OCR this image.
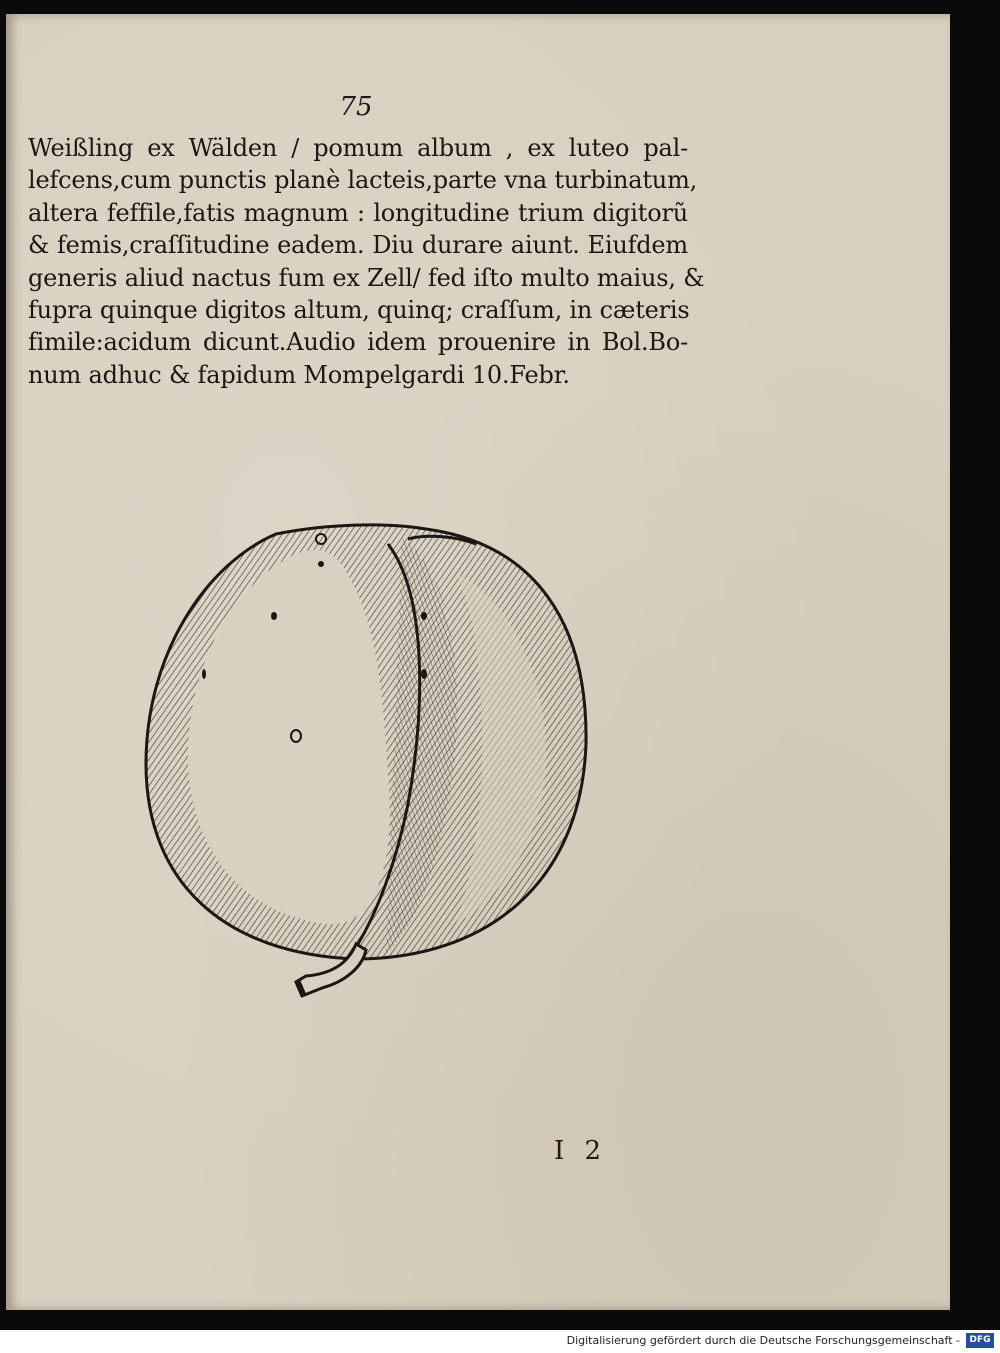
75
Weißling ex Wälden / pomum album , ex luteo pal-
lefcens,cum punctis planè lacteis,parte vna turbinatum,
altera feffile,fatis magnum : longitudine trium digitorũ
& femis,craſſitudine eadem. Diu durare aiunt. Eiufdem
generis aliud nactus fum ex Zell/ fed iſto multo maius, &
fupra quinque digitos altum, quinq; craſſum, in cæteris
fimile:acidum dicunt.Audio idem prouenire in Bol.Bo-
num adhuc & fapidum Mompelgardi 10.Febr.
I 2
Digitalisierung gefördert durch die Deutsche Forschungsgemeinschaft -	DFG
